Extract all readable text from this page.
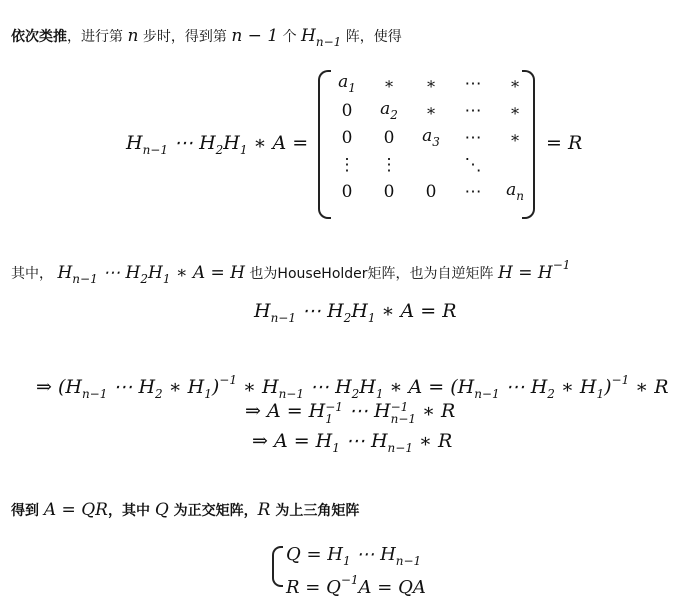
依次类推，进行第 n 步时，得到第 n − 1 个 Hn−1 阵，使得
$H_{n-1}$ ⋯ $H_2H_1$ ∗ A =
$a_1$	∗	∗	⋯	∗
0	$a_2$	∗	⋯	∗
0	0	$a_3$	⋯	∗
⋮	⋮		⋱	
0	0	0	⋯	$a_n$
= R
其中， $H_{n-1}$ ⋯ $H_2H_1$ ∗ A = H 也为HouseHolder矩阵，也为自逆矩阵 $H = H^{-1}$
$H_{n-1}$ ⋯ $H_2H_1$ ∗ A = R
⇒ ($H_{n-1}$ ⋯ $H_2$ ∗ $H_1)^{-1}$ ∗ $H_{n-1}$ ⋯ $H_2H_1$ ∗ $A = (H_{n-1}$ ⋯ $H_2$ ∗ $H_1)^{-1}$ ∗ R
⇒ A = H −1
1 ⋯ H −1
n−1 ∗ R
⇒ $A = H_1$ ⋯ $H_{n-1}$ ∗ R
得到 A = QR，其中 Q 为正交矩阵，R 为上三角矩阵
$Q = H_1$ ⋯ $H_{n-1}$
$R = Q^{-1}A$ = QA
